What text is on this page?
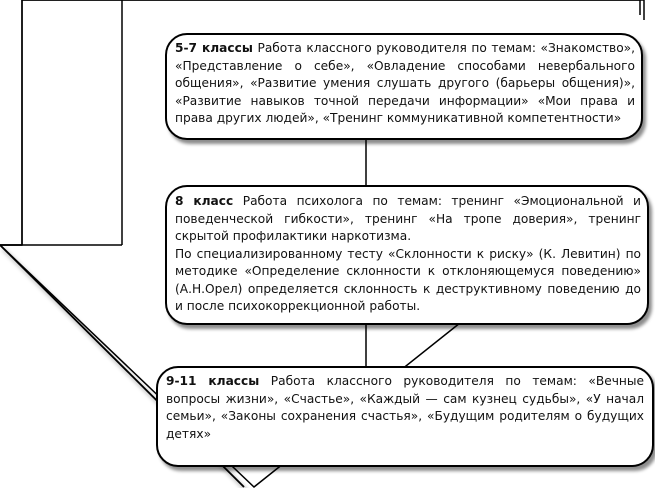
5-7 классы Работа классного руководителя по темам: «Знакомство», «Представление о себе», «Овладение способами невербального общения», «Развитие умения слушать другого (барьеры общения)», «Развитие навыков точной передачи информации» «Мои права и права других людей», «Тренинг коммуникативной компетентности»

8 класс Работа психолога по темам: тренинг «Эмоциональной и поведенческой гибкости», тренинг «На тропе доверия», тренинг скрытой профилактики наркотизма.

По специализированному тесту «Склонности к риску» (К. Левитин) по методике «Определение склонности к отклоняющемуся поведению» (А.Н.Орел) определяется склонность к деструктивному поведению до и после психокоррекционной работы.

9-11 классы Работа классного руководителя по темам: «Вечные вопросы жизни», «Счастье», «Каждый — сам кузнец судьбы», «У начал семьи», «Законы сохранения счастья», «Будущим родителям о будущих детях»
